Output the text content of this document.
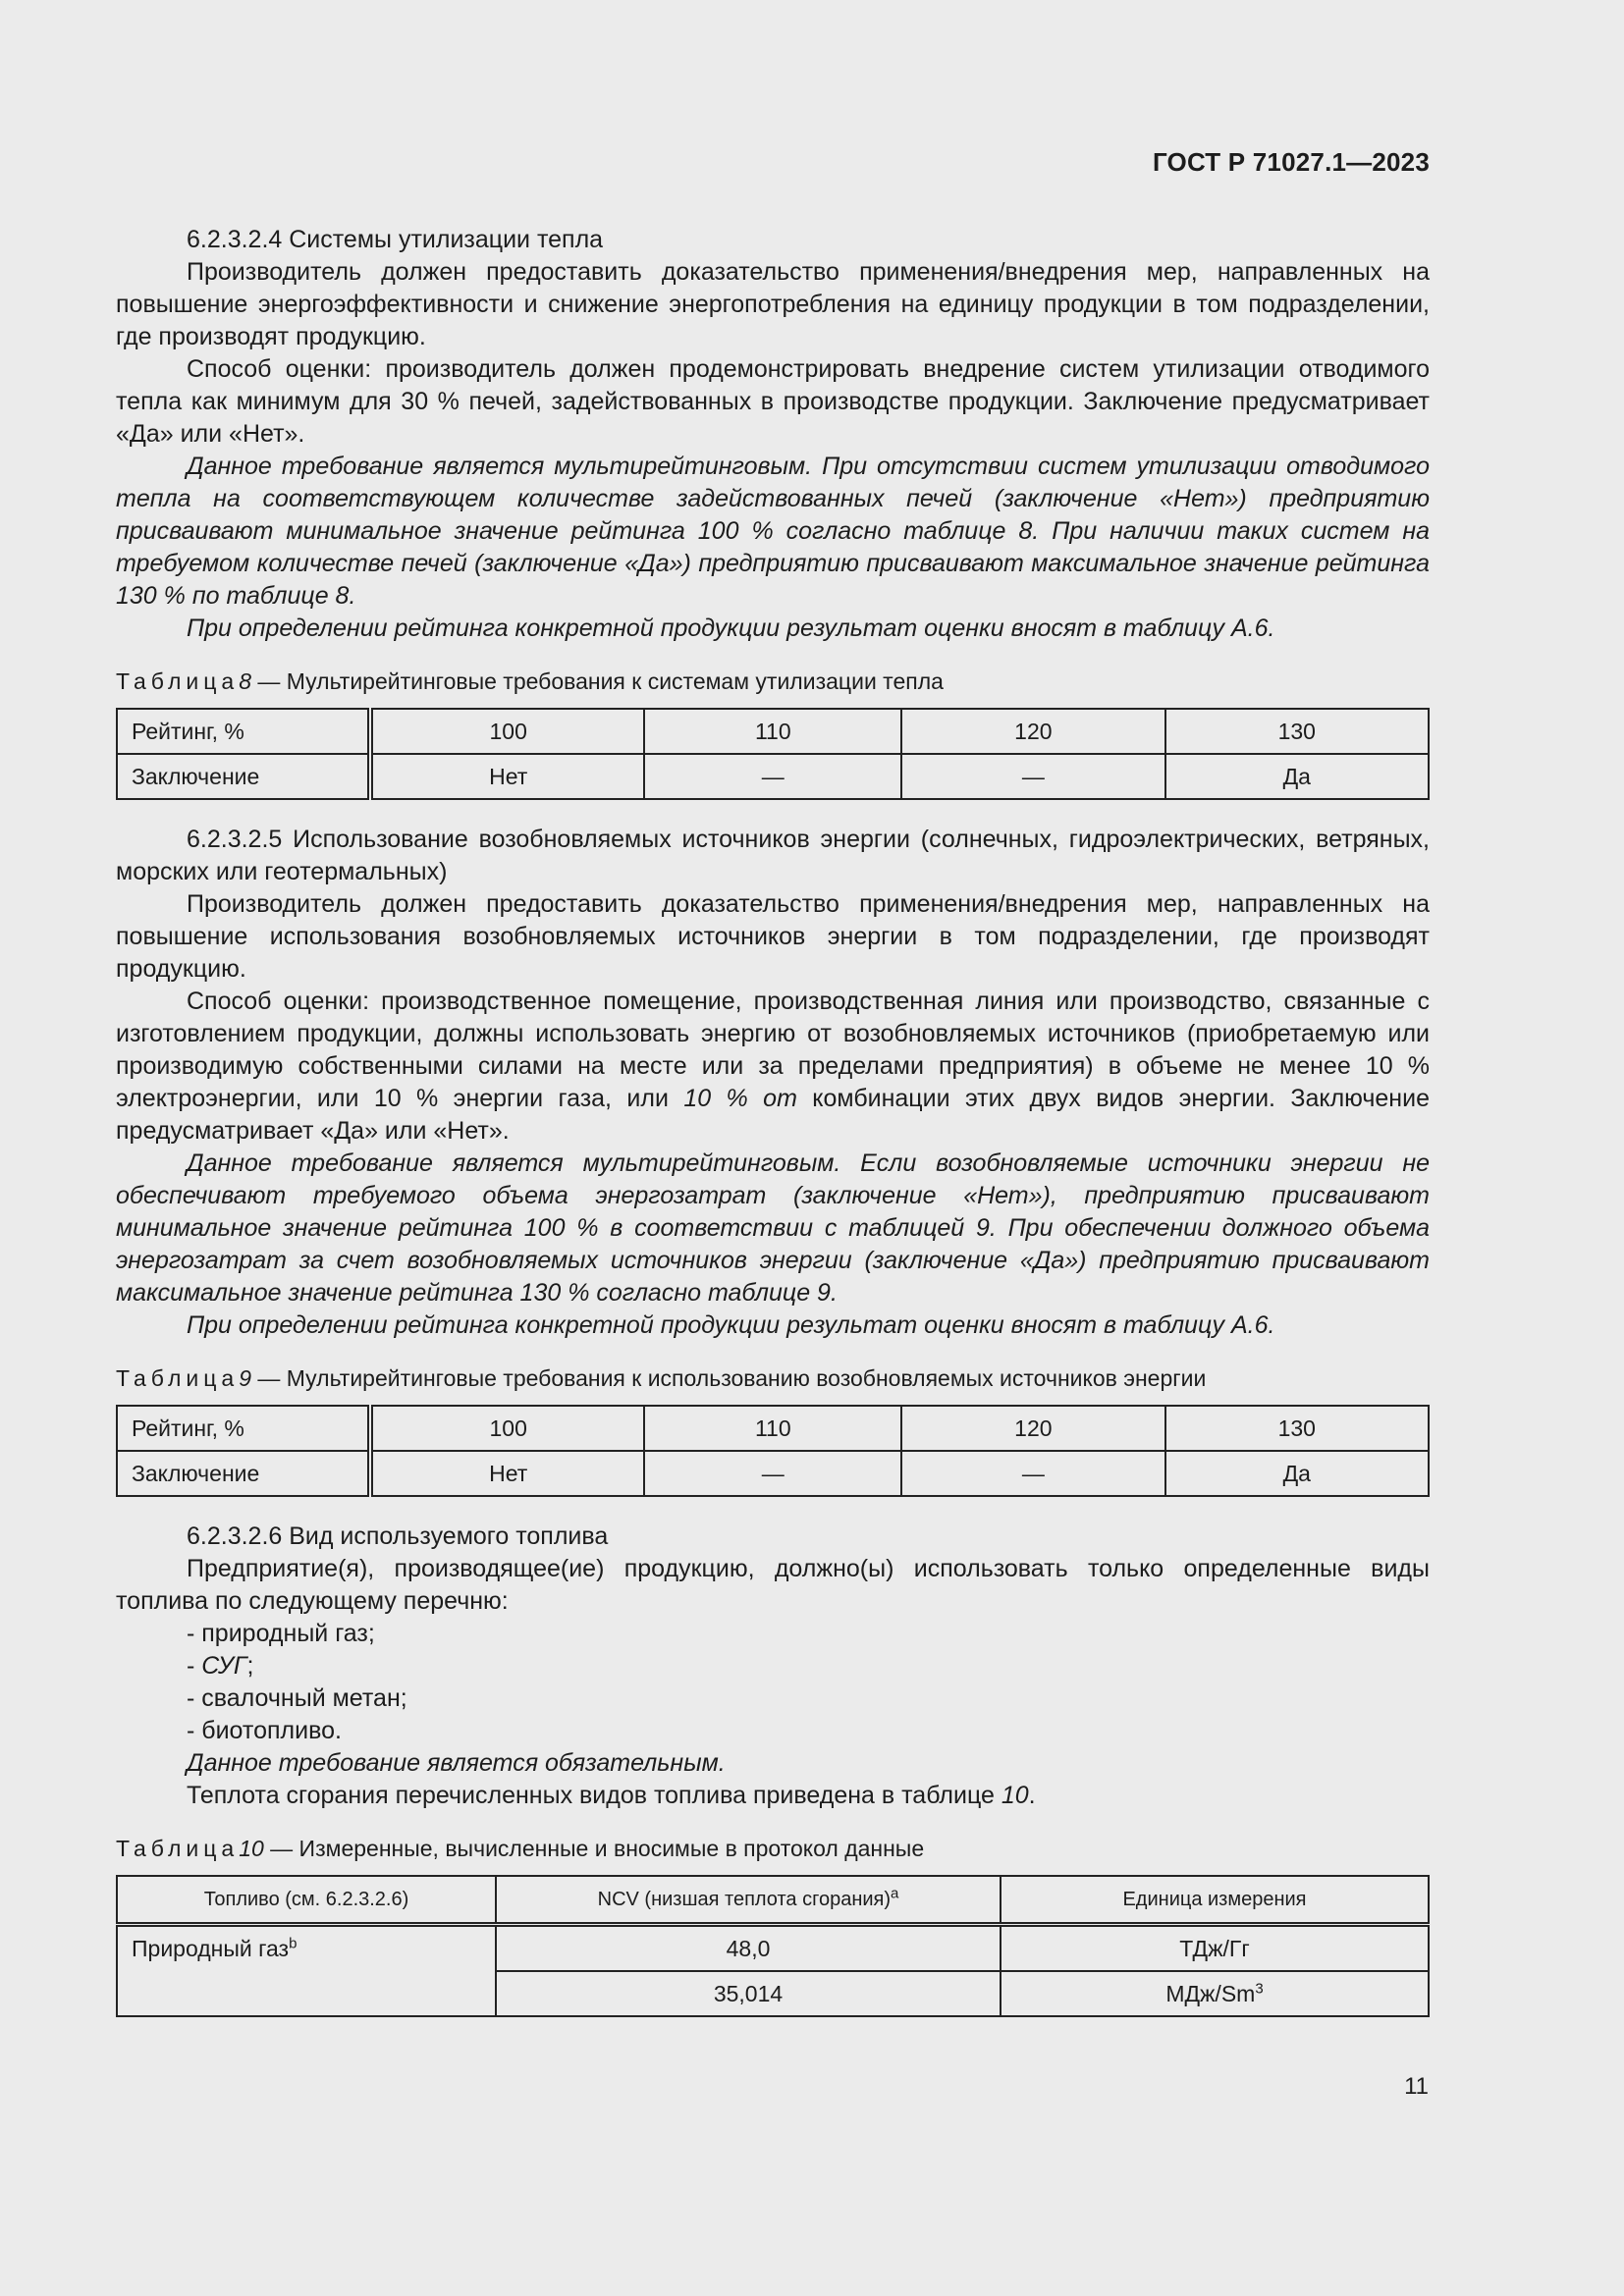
ГОСТ Р 71027.1—2023

6.2.3.2.4 Системы утилизации тепла

Производитель должен предоставить доказательство применения/внедрения мер, направленных на повышение энергоэффективности и снижение энергопотребления на единицу продукции в том подразделении, где производят продукцию.

Способ оценки: производитель должен продемонстрировать внедрение систем утилизации отводимого тепла как минимум для 30 % печей, задействованных в производстве продукции. Заключение предусматривает «Да» или «Нет».

Данное требование является мультирейтинговым. При отсутствии систем утилизации отводимого тепла на соответствующем количестве задействованных печей (заключение «Нет») предприятию присваивают минимальное значение рейтинга 100 % согласно таблице 8. При наличии таких систем на требуемом количестве печей (заключение «Да») предприятию присваивают максимальное значение рейтинга 130 % по таблице 8.

При определении рейтинга конкретной продукции результат оценки вносят в таблицу А.6.

Таблица8 — Мультирейтинговые требования к системам утилизации тепла
Рейтинг, %	100	110	120	130
Заключение	Нет	—	—	Да

6.2.3.2.5 Использование возобновляемых источников энергии (солнечных, гидроэлектрических, ветряных, морских или геотермальных)

Производитель должен предоставить доказательство применения/внедрения мер, направленных на повышение использования возобновляемых источников энергии в том подразделении, где производят продукцию.

Способ оценки: производственное помещение, производственная линия или производство, связанные с изготовлением продукции, должны использовать энергию от возобновляемых источников (приобретаемую или производимую собственными силами на месте или за пределами предприятия) в объеме не менее 10 % электроэнергии, или 10 % энергии газа, или 10 % от комбинации этих двух видов энергии. Заключение предусматривает «Да» или «Нет».

Данное требование является мультирейтинговым. Если возобновляемые источники энергии не обеспечивают требуемого объема энергозатрат (заключение «Нет»), предприятию присваивают минимальное значение рейтинга 100 % в соответствии с таблицей 9. При обеспечении должного объема энергозатрат за счет возобновляемых источников энергии (заключение «Да») предприятию присваивают максимальное значение рейтинга 130 % согласно таблице 9.

При определении рейтинга конкретной продукции результат оценки вносят в таблицу А.6.

Таблица9 — Мультирейтинговые требования к использованию возобновляемых источников энергии
Рейтинг, %	100	110	120	130
Заключение	Нет	—	—	Да

6.2.3.2.6 Вид используемого топлива

Предприятие(я), производящее(ие) продукцию, должно(ы) использовать только определенные виды топлива по следующему перечню:

- природный газ;

- СУГ;

- свалочный метан;

- биотопливо.

Данное требование является обязательным.

Теплота сгорания перечисленных видов топлива приведена в таблице 10.

Таблица10 — Измеренные, вычисленные и вносимые в протокол данные
Топливо (см. 6.2.3.2.6)	NCV (низшая теплота сгорания)$^a$	Единица измерения
Природный газ$^b$	48,0	ТДж/Гг
	35,014	МДж/Sm$^3$
11
